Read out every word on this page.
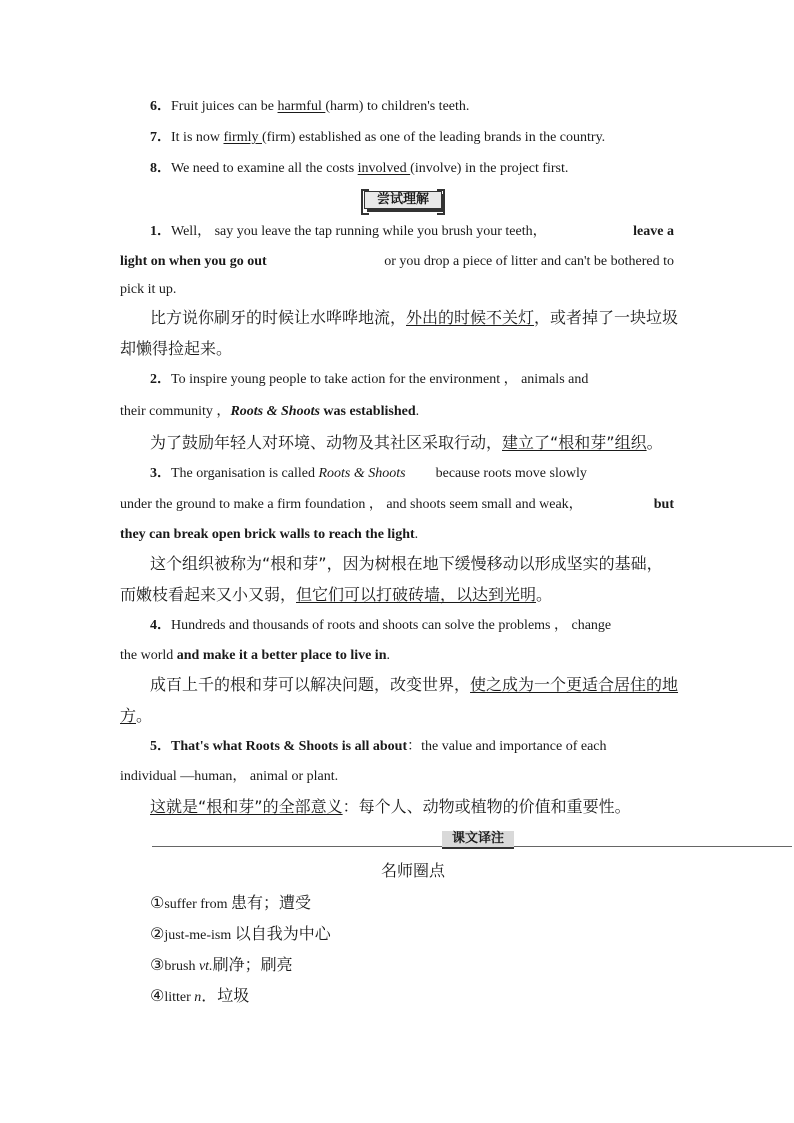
6．Fruit juices can be harmful (harm) to children's teeth.
7．It is now firmly (firm) established as one of the leading brands in the country.
8．We need to examine all the costs involved (involve) in the project first.
尝试理解
1．Well， say you leave the tap running while you brush your teeth，	leave a
light on when you go out	or you drop a piece of litter and can't be bothered to
pick it up.
比方说你刷牙的时候让水哗哗地流，外出的时候不关灯，或者掉了一块垃圾
却懒得捡起来。
2．To inspire young people to take action for the environment ， animals and
their community ，Roots & Shoots was established.
为了鼓励年轻人对环境、动物及其社区采取行动，建立了“根和芽”组织。
3．The organisation is called Roots & Shoots because roots move slowly
under the ground to make a firm foundation ， and shoots seem small and weak，	but
they can break open brick walls to reach the light.
这个组织被称为“根和芽”，因为树根在地下缓慢移动以形成坚实的基础，
而嫩枝看起来又小又弱，但它们可以打破砖墙，以达到光明。
4．Hundreds and thousands of roots and shoots can solve the problems ， change
the world and make it a better place to live in.
成百上千的根和芽可以解决问题，改变世界，使之成为一个更适合居住的地
方。
5．That's what Roots & Shoots is all about：the value and importance of each
individual —human， animal or plant.
这就是“根和芽”的全部意义：每个人、动物或植物的价值和重要性。
课文译注
名师圈点
①suffer from 患有；遭受
②just-me-ism 以自我为中心
③brush vt.刷净；刷亮
④litter n．垃圾
